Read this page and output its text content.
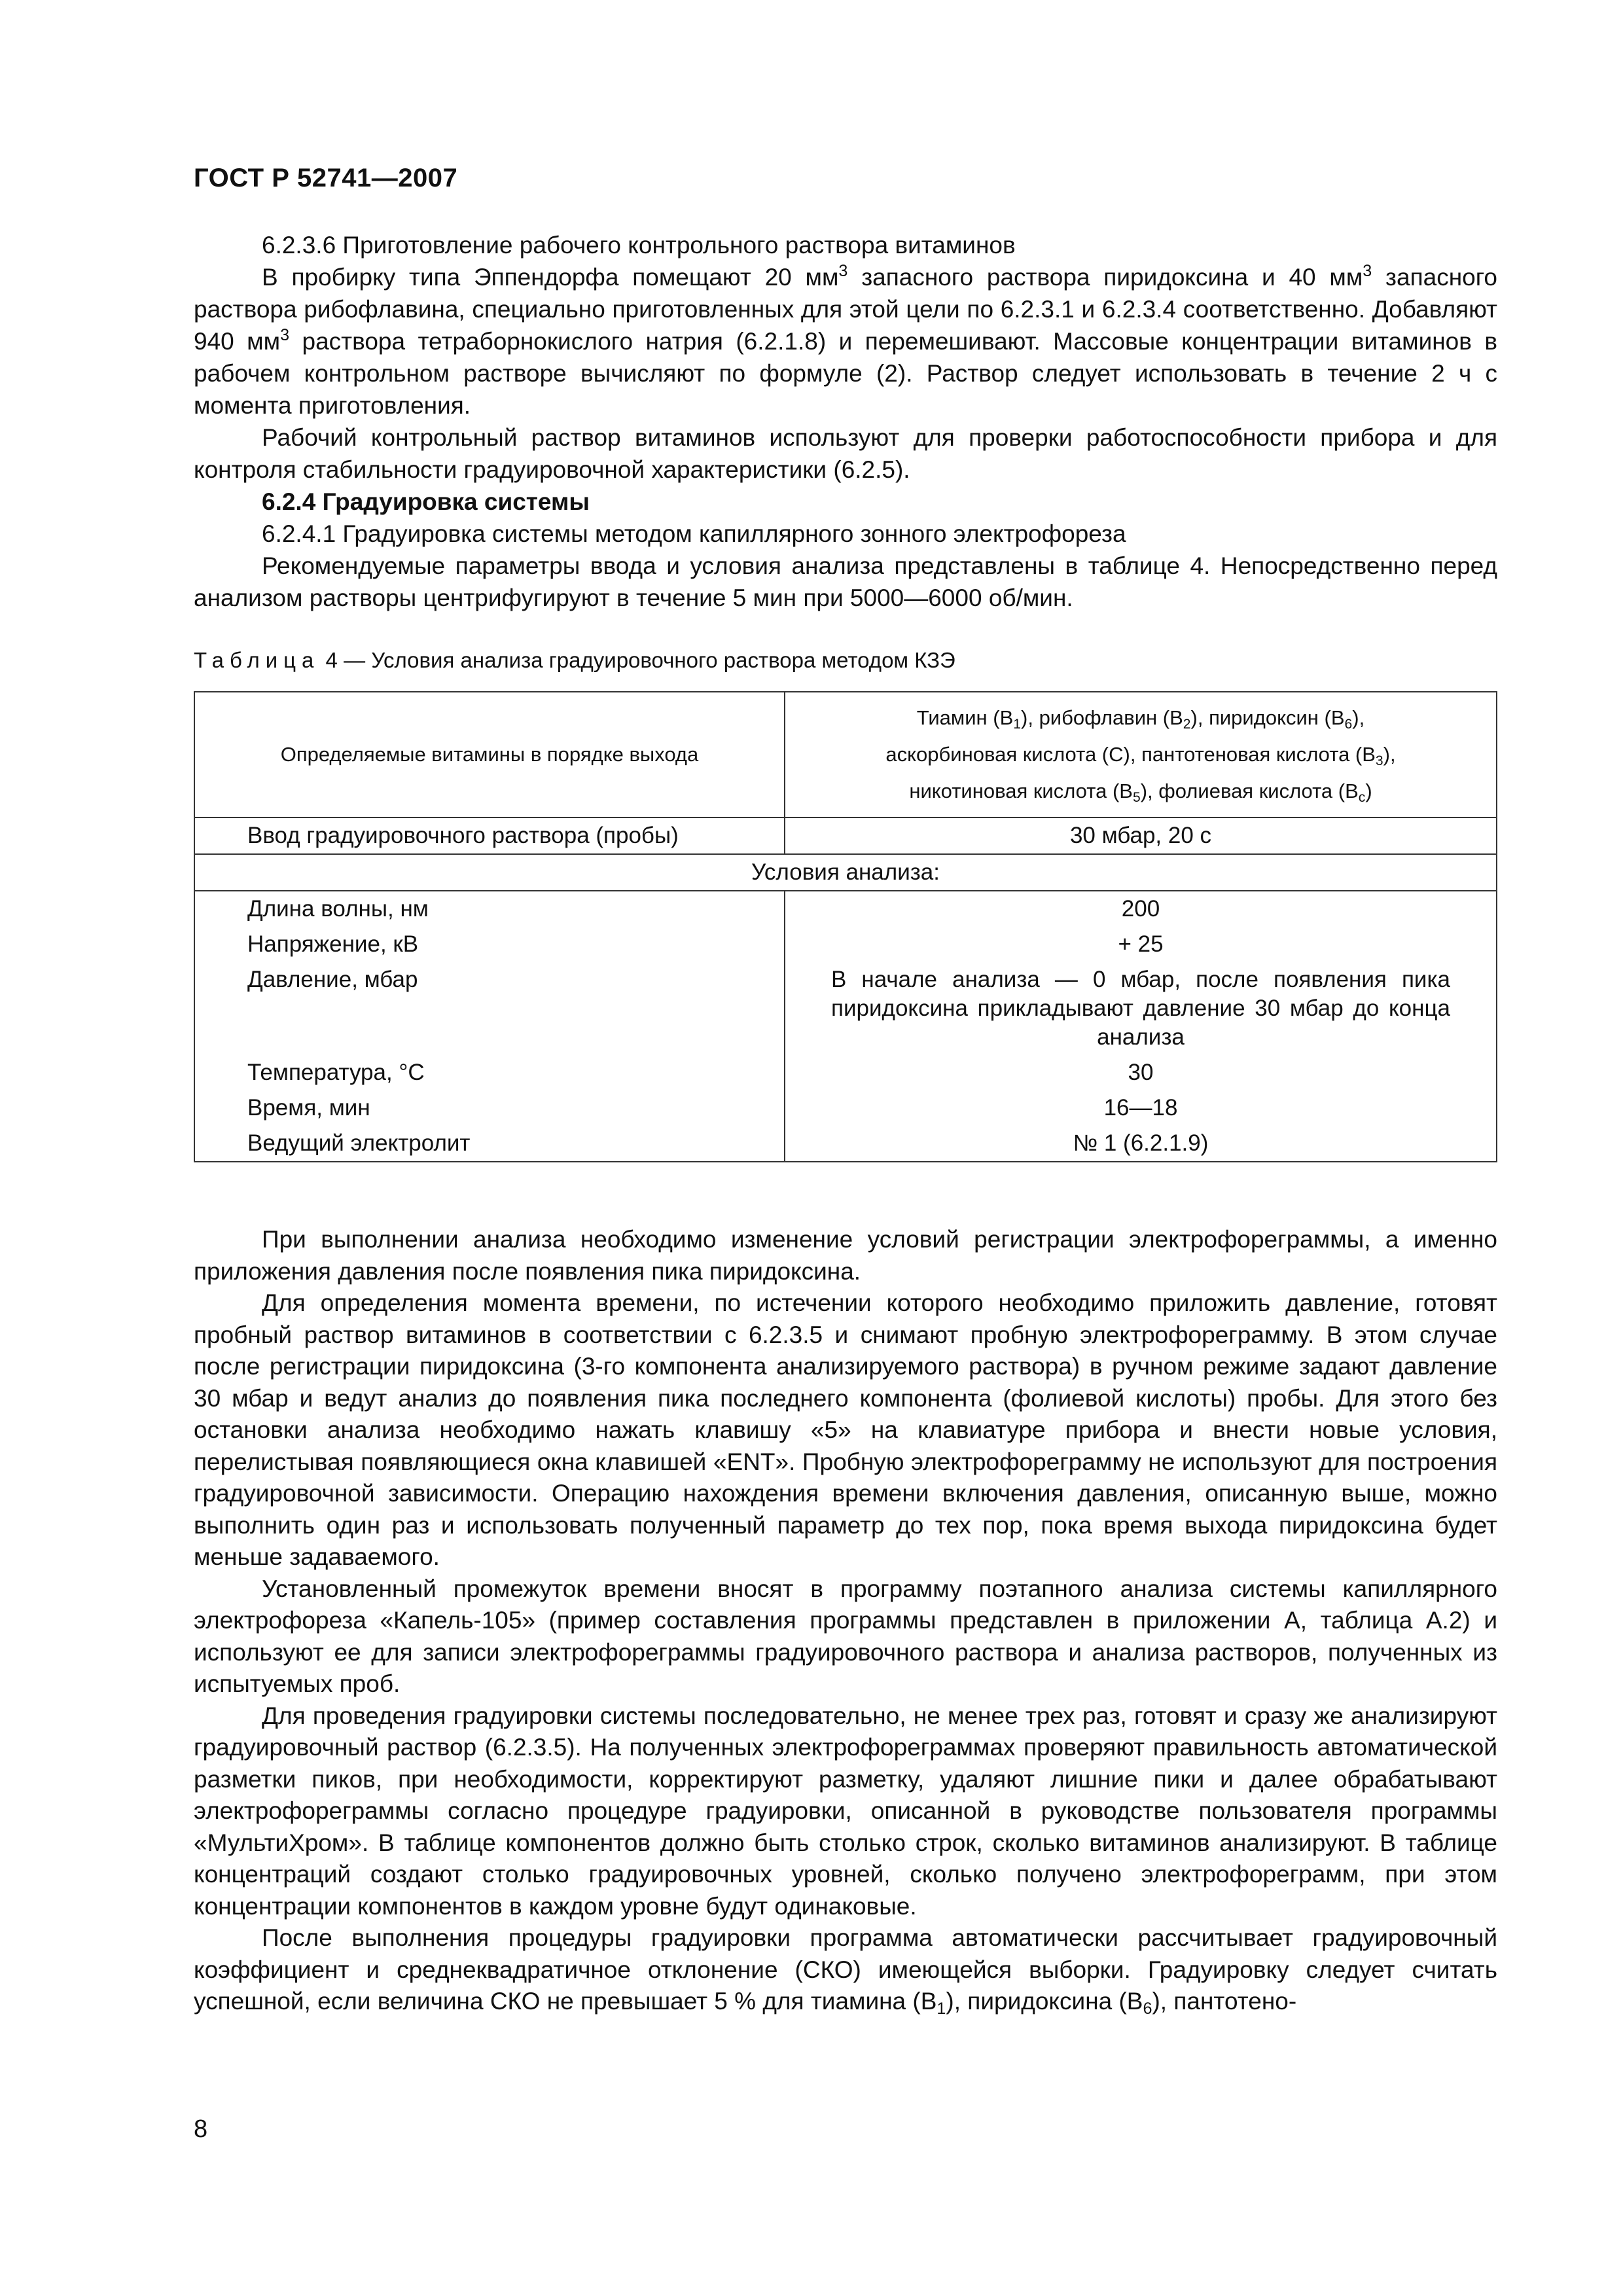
ГОСТ Р 52741—2007

6.2.3.6 Приготовление рабочего контрольного раствора витаминов

В пробирку типа Эппендорфа помещают 20 $мм^3$ запасного раствора пиридоксина и 40 $мм^3$ запасного раствора рибофлавина, специально приготовленных для этой цели по 6.2.3.1 и 6.2.3.4 соответственно. Добавляют 940 $мм^3$ раствора тетраборнокислого натрия (6.2.1.8) и перемешивают. Массовые концентрации витаминов в рабочем контрольном растворе вычисляют по формуле (2). Раствор следует использовать в течение 2 ч с момента приготовления.

Рабочий контрольный раствор витаминов используют для проверки работоспособности прибора и для контроля стабильности градуировочной характеристики (6.2.5).

6.2.4 Градуировка системы

6.2.4.1 Градуировка системы методом капиллярного зонного электрофореза

Рекомендуемые параметры ввода и условия анализа представлены в таблице 4. Непосредственно перед анализом растворы центрифугируют в течение 5 мин при 5000—6000 об/мин.

Таблица 4 — Условия анализа градуировочного раствора методом КЗЭ
Определяемые витамины в порядке выхода	Тиамин $(B_1)$, рибофлавин $(B_2)$, пиридоксин $(B_6)$,
аскорбиновая кислота (С), пантотеновая кислота $(B_3)$,
никотиновая кислота $(B_5)$, фолиевая кислота $(B_c)$
Ввод градуировочного раствора (пробы)	30 мбар, 20 с
Условия анализа:	
Длина волны, нм	200
Напряжение, кВ	+ 25
Давление, мбар	В начале анализа — 0 мбар, после появления пика пиридоксина прикладывают давление 30 мбар до конца анализа
Температура, °С	30
Время, мин	16—18
Ведущий электролит	№ 1 (6.2.1.9)

При выполнении анализа необходимо изменение условий регистрации электрофореграммы, а именно приложения давления после появления пика пиридоксина.

Для определения момента времени, по истечении которого необходимо приложить давление, готовят пробный раствор витаминов в соответствии с 6.2.3.5 и снимают пробную электрофореграмму. В этом случае после регистрации пиридоксина (3-го компонента анализируемого раствора) в ручном режиме задают давление 30 мбар и ведут анализ до появления пика последнего компонента (фолиевой кислоты) пробы. Для этого без остановки анализа необходимо нажать клавишу «5» на клавиатуре прибора и внести новые условия, перелистывая появляющиеся окна клавишей «ENT». Пробную электрофореграмму не используют для построения градуировочной зависимости. Операцию нахождения времени включения давления, описанную выше, можно выполнить один раз и использовать полученный параметр до тех пор, пока время выхода пиридоксина будет меньше задаваемого.

Установленный промежуток времени вносят в программу поэтапного анализа системы капиллярного электрофореза «Капель-105» (пример составления программы представлен в приложении А, таблица А.2) и используют ее для записи электрофореграммы градуировочного раствора и анализа растворов, полученных из испытуемых проб.

Для проведения градуировки системы последовательно, не менее трех раз, готовят и сразу же анализируют градуировочный раствор (6.2.3.5). На полученных электрофореграммах проверяют правильность автоматической разметки пиков, при необходимости, корректируют разметку, удаляют лишние пики и далее обрабатывают электрофореграммы согласно процедуре градуировки, описанной в руководстве пользователя программы «МультиХром». В таблице компонентов должно быть столько строк, сколько витаминов анализируют. В таблице концентраций создают столько градуировочных уровней, сколько получено электрофореграмм, при этом концентрации компонентов в каждом уровне будут одинаковые.

После выполнения процедуры градуировки программа автоматически рассчитывает градуировочный коэффициент и среднеквадратичное отклонение (СКО) имеющейся выборки. Градуировку следует считать успешной, если величина СКО не превышает 5 % для тиамина $(B_1)$, пиридоксина $(B_6)$, пантотено-

8
